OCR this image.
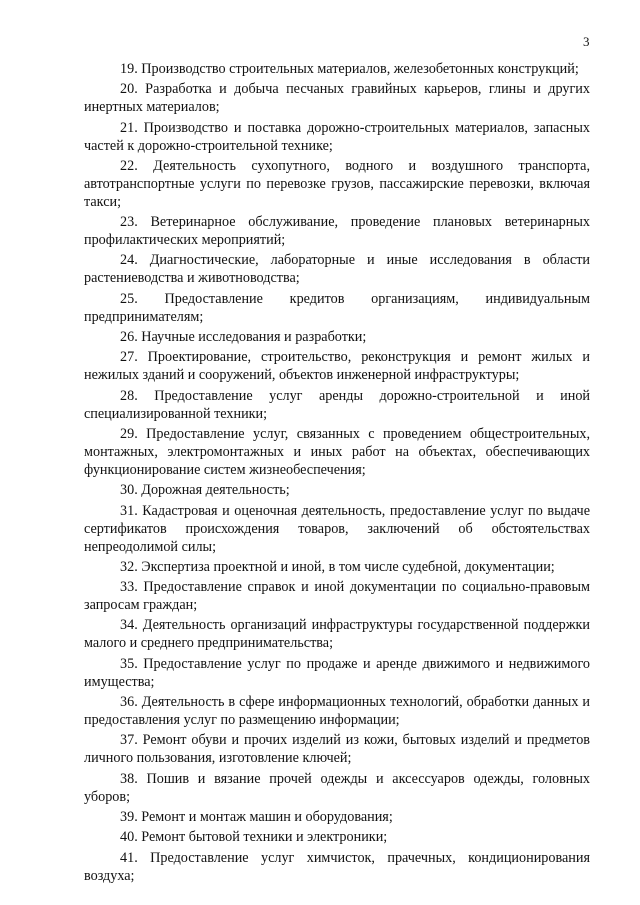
3

19. Производство строительных материалов, железобетонных конструкций;

20. Разработка и добыча песчаных гравийных карьеров, глины и других инертных материалов;

21. Производство и поставка дорожно-строительных материалов, запасных частей к дорожно-строительной технике;

22. Деятельность сухопутного, водного и воздушного транспорта, автотранспортные услуги по перевозке грузов, пассажирские перевозки, включая такси;

23. Ветеринарное обслуживание, проведение плановых ветеринарных профилактических мероприятий;

24. Диагностические, лабораторные и иные исследования в области растениеводства и животноводства;

25. Предоставление кредитов организациям, индивидуальным предпринимателям;

26. Научные исследования и разработки;

27. Проектирование, строительство, реконструкция и ремонт жилых и нежилых зданий и сооружений, объектов инженерной инфраструктуры;

28. Предоставление услуг аренды дорожно-строительной и иной специализированной техники;

29. Предоставление услуг, связанных с проведением общестроительных, монтажных, электромонтажных и иных работ на объектах, обеспечивающих функционирование систем жизнеобеспечения;

30. Дорожная деятельность;

31. Кадастровая и оценочная деятельность, предоставление услуг по выдаче сертификатов происхождения товаров, заключений об обстоятельствах непреодолимой силы;

32. Экспертиза проектной и иной, в том числе судебной, документации;

33. Предоставление справок и иной документации по социально-правовым запросам граждан;

34. Деятельность организаций инфраструктуры государственной поддержки малого и среднего предпринимательства;

35. Предоставление услуг по продаже и аренде движимого и недвижимого имущества;

36. Деятельность в сфере информационных технологий, обработки данных и предоставления услуг по размещению информации;

37. Ремонт обуви и прочих изделий из кожи, бытовых изделий и предметов личного пользования, изготовление ключей;

38. Пошив и вязание прочей одежды и аксессуаров одежды, головных уборов;

39. Ремонт и монтаж машин и оборудования;

40. Ремонт бытовой техники и электроники;

41. Предоставление услуг химчисток, прачечных, кондиционирования воздуха;
